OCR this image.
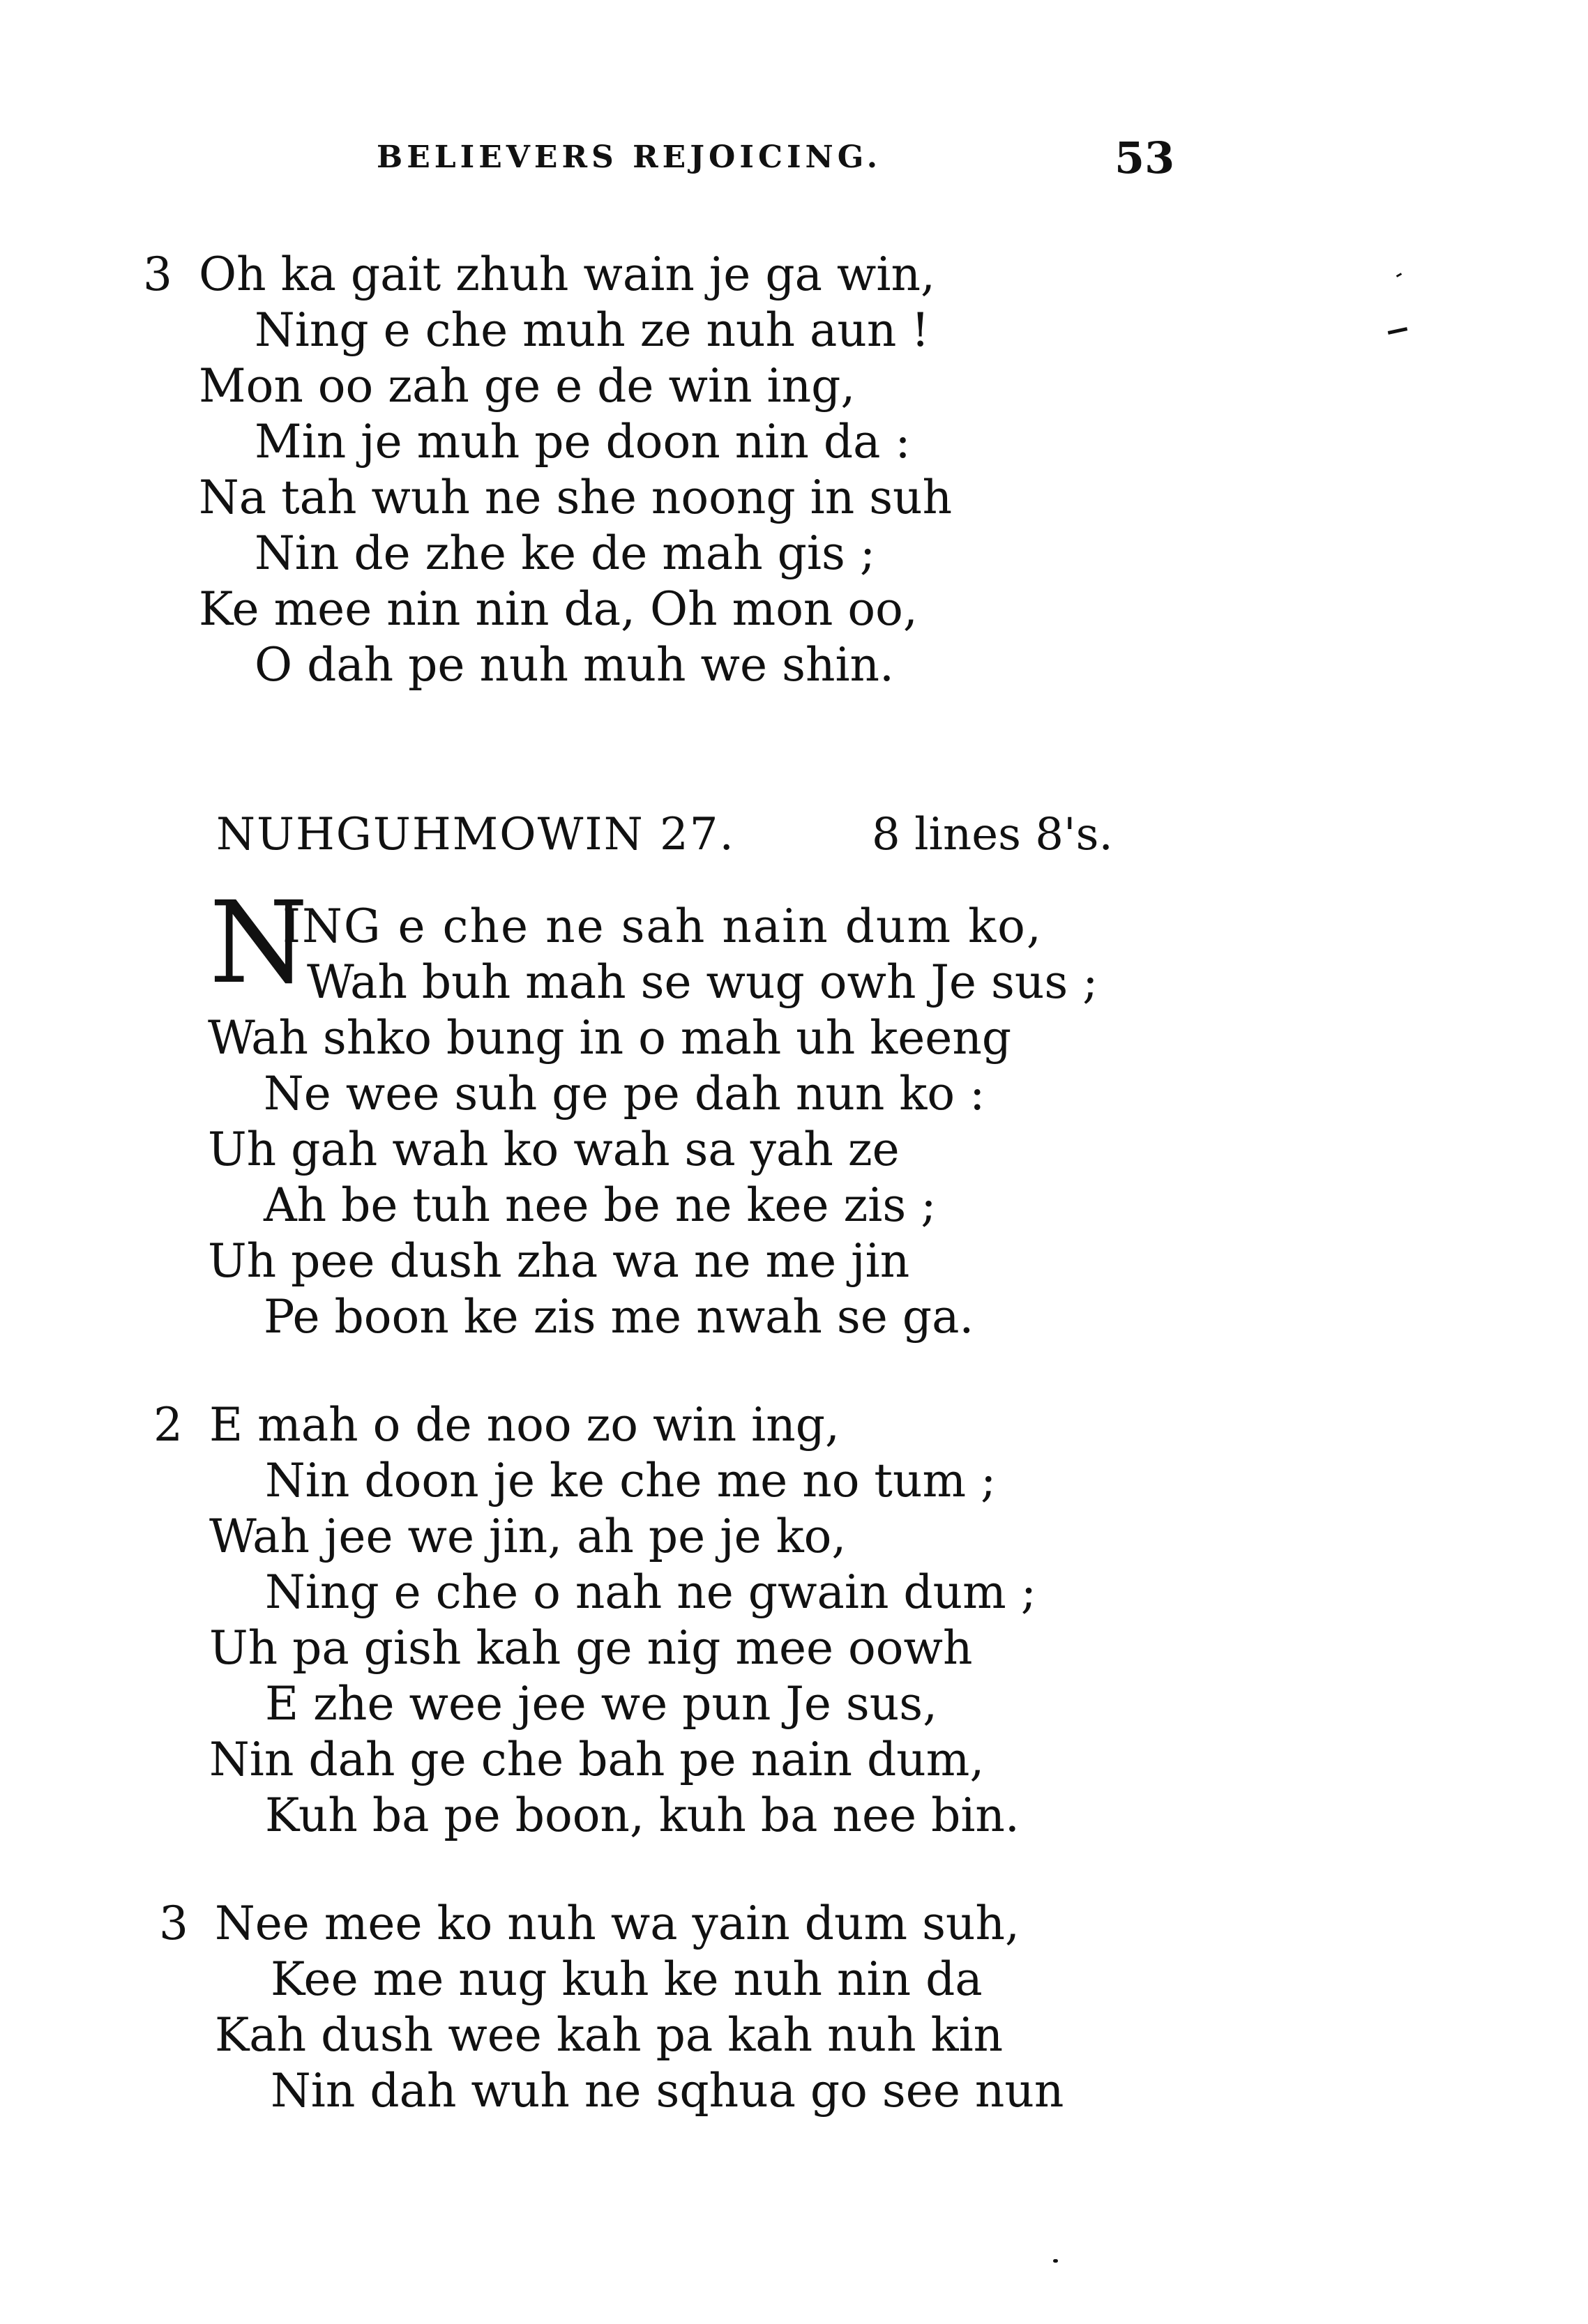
BELIEVERS REJOICING.	53
3 Oh ka gait zhuh wain je ga win,
Ning e che muh ze nuh aun !
Mon oo zah ge e de win ing,
Min je muh pe doon nin da :
Na tah wuh ne she noong in suh
Nin de zhe ke de mah gis ;
Ke mee nin nin da, Oh mon oo,
O dah pe nuh muh we shin.
NUHGUHMOWIN 27.	8 lines 8's.
N
ING e che ne sah nain dum ko,
Wah buh mah se wug owh Je sus ;
Wah shko bung in o mah uh keeng
Ne wee suh ge pe dah nun ko :
Uh gah wah ko wah sa yah ze
Ah be tuh nee be ne kee zis ;
Uh pee dush zha wa ne me jin
Pe boon ke zis me nwah se ga.
2 E mah o de noo zo win ing,
Nin doon je ke che me no tum ;
Wah jee we jin, ah pe je ko,
Ning e che o nah ne gwain dum ;
Uh pa gish kah ge nig mee oowh
E zhe wee jee we pun Je sus,
Nin dah ge che bah pe nain dum,
Kuh ba pe boon, kuh ba nee bin.
3 Nee mee ko nuh wa yain dum suh,
Kee me nug kuh ke nuh nin da
Kah dush wee kah pa kah nuh kin
Nin dah wuh ne sqhua go see nun
